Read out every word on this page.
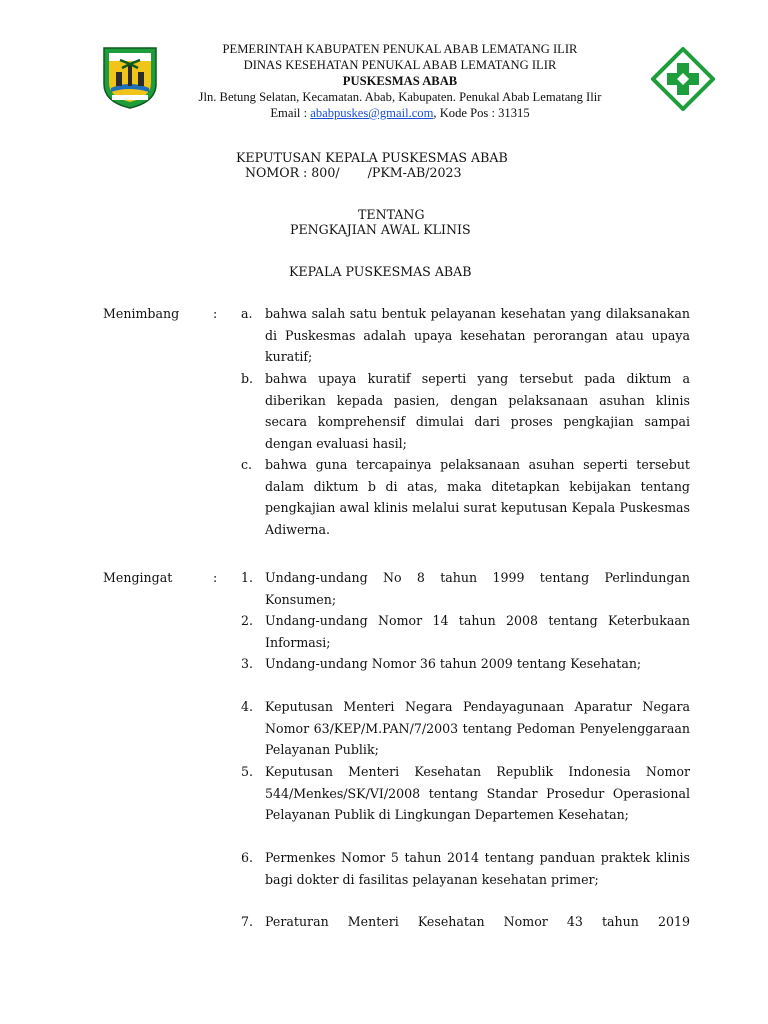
PEMERINTAH KABUPATEN PENUKAL ABAB LEMATANG ILIR
DINAS KESEHATAN PENUKAL ABAB LEMATANG ILIR
PUSKESMAS ABAB
Jln. Betung Selatan, Kecamatan. Abab, Kabupaten. Penukal Abab Lematang Ilir
Email : ababpuskes@gmail.com, Kode Pos : 31315
KEPUTUSAN KEPALA PUSKESMAS ABAB
NOMOR : 800/       /PKM-AB/2023
TENTANG
PENGKAJIAN AWAL KLINIS
KEPALA PUSKESMAS ABAB
Menimbang	: a. bahwa salah satu bentuk pelayanan kesehatan yang dilaksanakan di Puskesmas adalah upaya kesehatan perorangan atau upaya kuratif;

b. bahwa upaya kuratif seperti yang tersebut pada diktum a diberikan kepada pasien, dengan pelaksanaan asuhan klinis secara komprehensif dimulai dari proses pengkajian sampai dengan evaluasi hasil;

c. bahwa guna tercapainya pelaksanaan asuhan seperti tersebut dalam diktum b di atas, maka ditetapkan kebijakan tentang pengkajian awal klinis melalui surat keputusan Kepala Puskesmas Adiwerna.

Mengingat	: 1. Undang-undang No 8 tahun 1999 tentang Perlindungan Konsumen;

2. Undang-undang Nomor 14 tahun 2008 tentang Keterbukaan Informasi;

3. Undang-undang Nomor 36 tahun 2009 tentang Kesehatan;

4. Keputusan Menteri Negara Pendayagunaan Aparatur Negara Nomor 63/KEP/M.PAN/7/2003 tentang Pedoman Penyelenggaraan Pelayanan Publik;

5. Keputusan Menteri Kesehatan Republik Indonesia Nomor 544/Menkes/SK/VI/2008 tentang Standar Prosedur Operasional Pelayanan Publik di Lingkungan Departemen Kesehatan;

6. Permenkes Nomor 5 tahun 2014 tentang panduan praktek klinis bagi dokter di fasilitas pelayanan kesehatan primer;

7. Peraturan Menteri Kesehatan Nomor 43 tahun 2019
